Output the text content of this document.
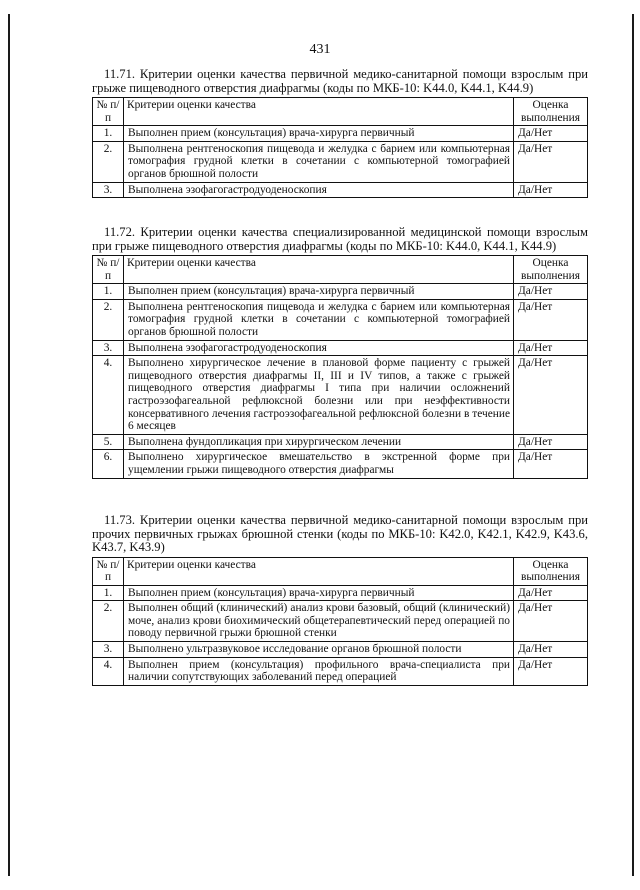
431

11.71. Критерии оценки качества первичной медико-санитарной помощи взрослым при грыже пищеводного отверстия диафрагмы (коды по МКБ-10: K44.0, K44.1, K44.9)

№ п/п	Критерии оценки качества	Оценка выполнения
1.	Выполнен прием (консультация) врача-хирурга первичный	Да/Нет
2.	Выполнена рентгеноскопия пищевода и желудка с барием или компьютерная томография грудной клетки в сочетании с компьютерной томографией органов брюшной полости	Да/Нет
3.	Выполнена эзофагогастродуоденоскопия	Да/Нет

11.72. Критерии оценки качества специализированной медицинской помощи взрослым при грыже пищеводного отверстия диафрагмы (коды по МКБ-10: K44.0, K44.1, K44.9)

№ п/п	Критерии оценки качества	Оценка выполнения
1.	Выполнен прием (консультация) врача-хирурга первичный	Да/Нет
2.	Выполнена рентгеноскопия пищевода и желудка с барием или компьютерная томография грудной клетки в сочетании с компьютерной томографией органов брюшной полости	Да/Нет
3.	Выполнена эзофагогастродуоденоскопия	Да/Нет
4.	Выполнено хирургическое лечение в плановой форме пациенту с грыжей пищеводного отверстия диафрагмы II, III и IV типов, а также с грыжей пищеводного отверстия диафрагмы I типа при наличии осложнений гастроэзофагеальной рефлюксной болезни или при неэффективности консервативного лечения гастроэзофагеальной рефлюксной болезни в течение 6 месяцев	Да/Нет
5.	Выполнена фундопликация при хирургическом лечении	Да/Нет
6.	Выполнено хирургическое вмешательство в экстренной форме при ущемлении грыжи пищеводного отверстия диафрагмы	Да/Нет

11.73. Критерии оценки качества первичной медико-санитарной помощи взрослым при прочих первичных грыжах брюшной стенки (коды по МКБ-10: K42.0, K42.1, K42.9, K43.6, K43.7, K43.9)

№ п/п	Критерии оценки качества	Оценка выполнения
1.	Выполнен прием (консультация) врача-хирурга первичный	Да/Нет
2.	Выполнен общий (клинический) анализ крови базовый, общий (клинический) моче, анализ крови биохимический общетерапевтический перед операцией по поводу первичной грыжи брюшной стенки	Да/Нет
3.	Выполнено ультразвуковое исследование органов брюшной полости	Да/Нет
4.	Выполнен прием (консультация) профильного врача-специалиста при наличии сопутствующих заболеваний перед операцией	Да/Нет
